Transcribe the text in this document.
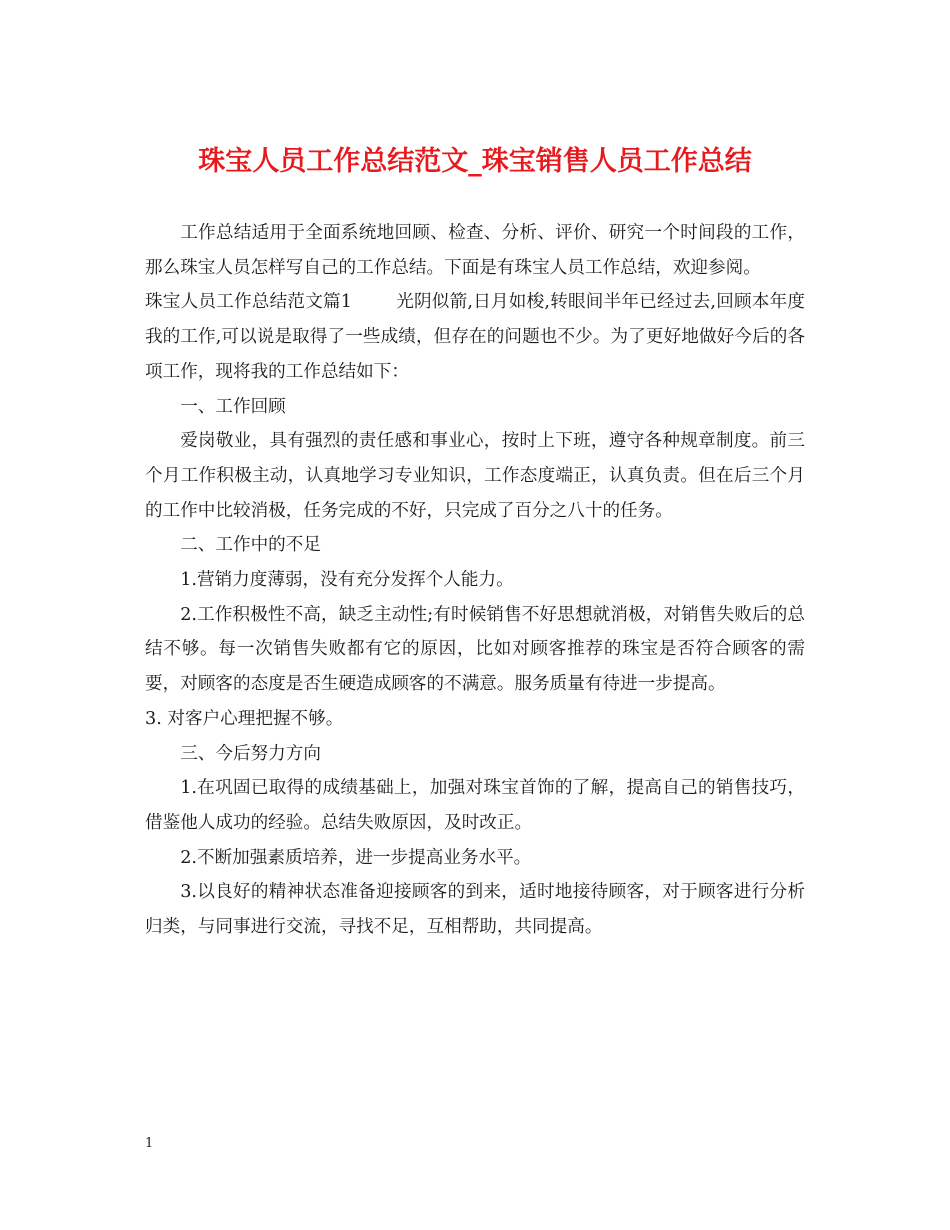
珠宝人员工作总结范文_珠宝销售人员工作总结

工作总结适用于全面系统地回顾、检查、分析、评价、研究一个时间段的工作，那么珠宝人员怎样写自己的工作总结。下面是有珠宝人员工作总结，欢迎参阅。

珠宝人员工作总结范文篇1	光阴似箭,日月如梭,转眼间半年已经过去,回顾本年度我的工作,可以说是取得了一些成绩，但存在的问题也不少。为了更好地做好今后的各项工作，现将我的工作总结如下：

一、工作回顾

爱岗敬业，具有强烈的责任感和事业心，按时上下班，遵守各种规章制度。前三个月工作积极主动，认真地学习专业知识，工作态度端正，认真负责。但在后三个月的工作中比较消极，任务完成的不好，只完成了百分之八十的任务。

二、工作中的不足

1.营销力度薄弱，没有充分发挥个人能力。

2.工作积极性不高，缺乏主动性;有时候销售不好思想就消极，对销售失败后的总结不够。每一次销售失败都有它的原因，比如对顾客推荐的珠宝是否符合顾客的需要，对顾客的态度是否生硬造成顾客的不满意。服务质量有待进一步提高。

3. 对客户心理把握不够。

三、今后努力方向

1.在巩固已取得的成绩基础上，加强对珠宝首饰的了解，提高自己的销售技巧，借鉴他人成功的经验。总结失败原因，及时改正。

2.不断加强素质培养，进一步提高业务水平。

3.以良好的精神状态准备迎接顾客的到来，适时地接待顾客，对于顾客进行分析归类，与同事进行交流，寻找不足，互相帮助，共同提高。

1
